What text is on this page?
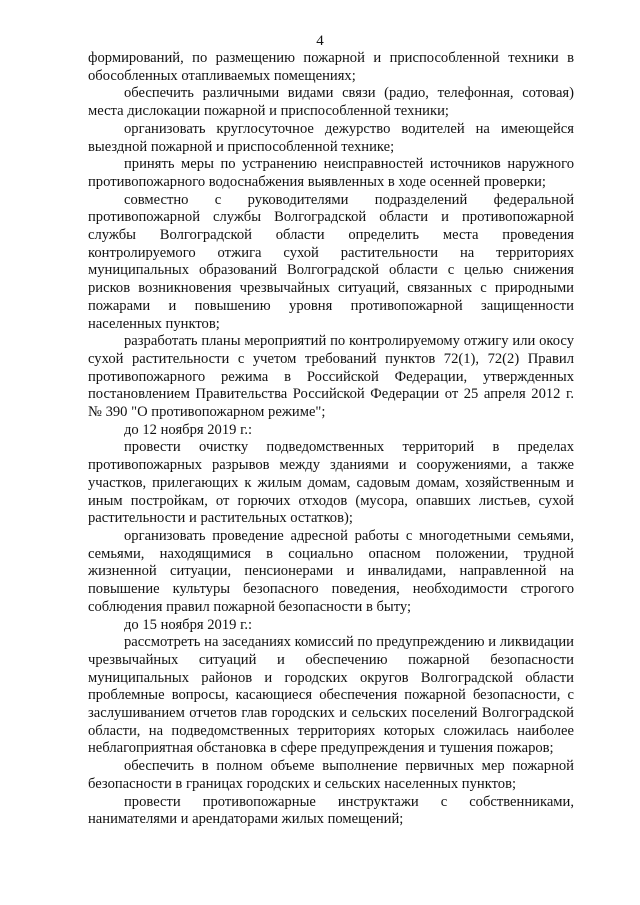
4

формирований, по размещению пожарной и приспособленной техники в обособленных отапливаемых помещениях;

обеспечить различными видами связи (радио, телефонная, сотовая) места дислокации пожарной и приспособленной техники;

организовать круглосуточное дежурство водителей на имеющейся выездной пожарной и приспособленной технике;

принять меры по устранению неисправностей источников наружного противопожарного водоснабжения выявленных в ходе осенней проверки;

совместно с руководителями подразделений федеральной противопожарной службы Волгоградской области и противопожарной службы Волгоградской области определить места проведения контролируемого отжига сухой растительности на территориях муниципальных образований Волгоградской области с целью снижения рисков возникновения чрезвычайных ситуаций, связанных с природными пожарами и повышению уровня противопожарной защищенности населенных пунктов;

разработать планы мероприятий по контролируемому отжигу или окосу сухой растительности с учетом требований пунктов 72(1), 72(2) Правил противопожарного режима в Российской Федерации, утвержденных постановлением Правительства Российской Федерации от 25 апреля 2012 г. № 390 "О противопожарном режиме";

до 12 ноября 2019 г.:

провести очистку подведомственных территорий в пределах противопожарных разрывов между зданиями и сооружениями, а также участков, прилегающих к жилым домам, садовым домам, хозяйственным и иным постройкам, от горючих отходов (мусора, опавших листьев, сухой растительности и растительных остатков);

организовать проведение адресной работы с многодетными семьями, семьями, находящимися в социально опасном положении, трудной жизненной ситуации, пенсионерами и инвалидами, направленной на повышение культуры безопасного поведения, необходимости строгого соблюдения правил пожарной безопасности в быту;

до 15 ноября 2019 г.:

рассмотреть на заседаниях комиссий по предупреждению и ликвидации чрезвычайных ситуаций и обеспечению пожарной безопасности муниципальных районов и городских округов Волгоградской области проблемные вопросы, касающиеся обеспечения пожарной безопасности, с заслушиванием отчетов глав городских и сельских поселений Волгоградской области, на подведомственных территориях которых сложилась наиболее неблагоприятная обстановка в сфере предупреждения и тушения пожаров;

обеспечить в полном объеме выполнение первичных мер пожарной безопасности в границах городских и сельских населенных пунктов;

провести противопожарные инструктажи с собственниками, нанимателями и арендаторами жилых помещений;
